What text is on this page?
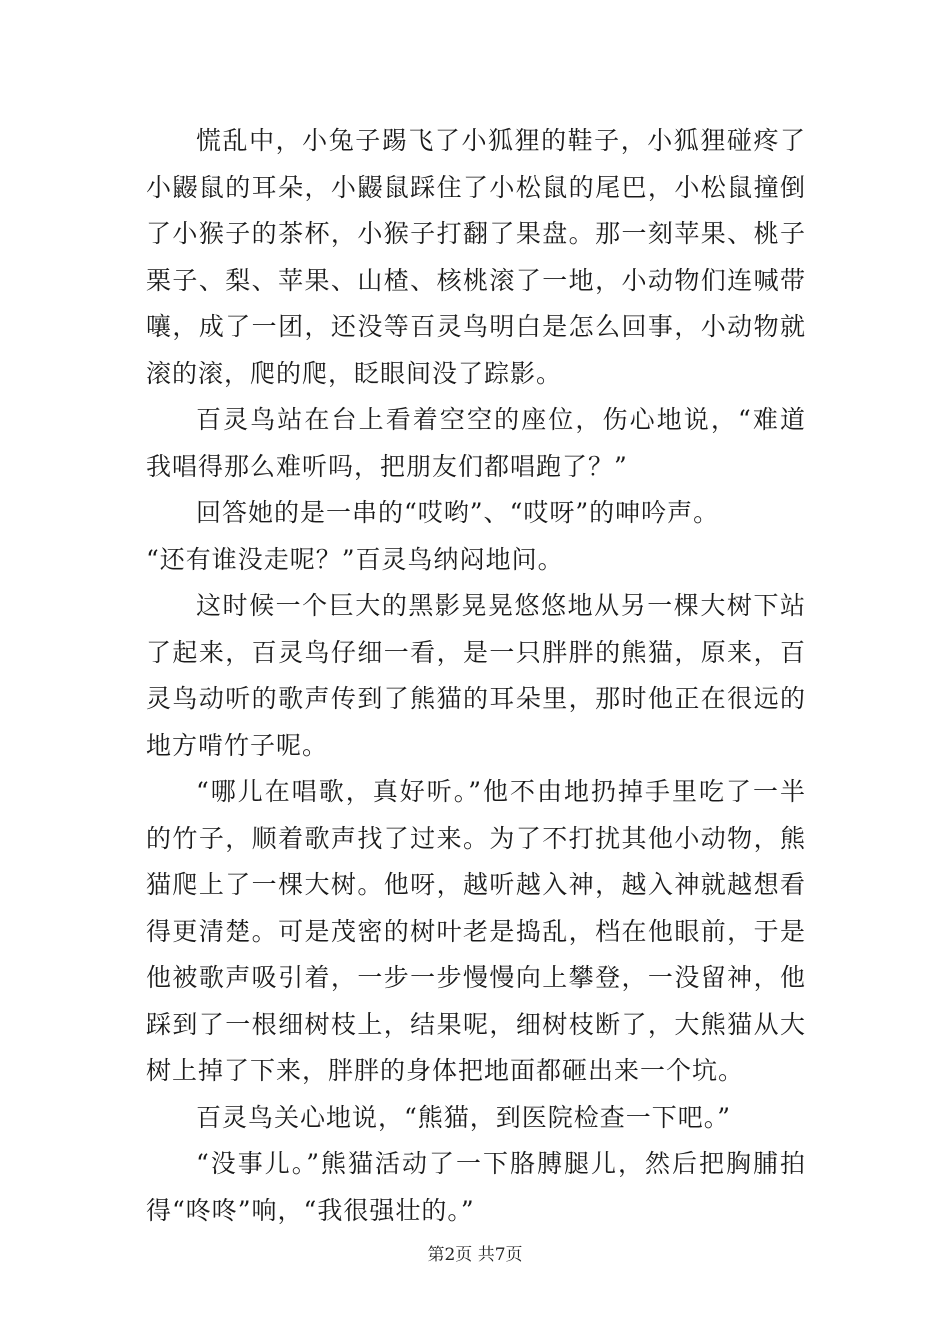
慌乱中，小兔子踢飞了小狐狸的鞋子，小狐狸碰疼了小鼹鼠的耳朵，小鼹鼠踩住了小松鼠的尾巴，小松鼠撞倒了小猴子的茶杯，小猴子打翻了果盘。那一刻苹果、桃子栗子、梨、苹果、山楂、核桃滚了一地，小动物们连喊带嚷，成了一团，还没等百灵鸟明白是怎么回事，小动物就滚的滚，爬的爬，眨眼间没了踪影。

百灵鸟站在台上看着空空的座位，伤心地说，“难道我唱得那么难听吗，把朋友们都唱跑了？”

回答她的是一串的“哎哟”、“哎呀”的呻吟声。

“还有谁没走呢？”百灵鸟纳闷地问。

这时候一个巨大的黑影晃晃悠悠地从另一棵大树下站了起来，百灵鸟仔细一看，是一只胖胖的熊猫，原来，百灵鸟动听的歌声传到了熊猫的耳朵里，那时他正在很远的地方啃竹子呢。

“哪儿在唱歌，真好听。”他不由地扔掉手里吃了一半的竹子，顺着歌声找了过来。为了不打扰其他小动物，熊猫爬上了一棵大树。他呀，越听越入神，越入神就越想看得更清楚。可是茂密的树叶老是捣乱，档在他眼前，于是他被歌声吸引着，一步一步慢慢向上攀登，一没留神，他踩到了一根细树枝上，结果呢，细树枝断了，大熊猫从大树上掉了下来，胖胖的身体把地面都砸出来一个坑。

百灵鸟关心地说，“熊猫，到医院检查一下吧。”

“没事儿。”熊猫活动了一下胳膊腿儿，然后把胸脯拍得“咚咚”响，“我很强壮的。”

第2页 共7页
